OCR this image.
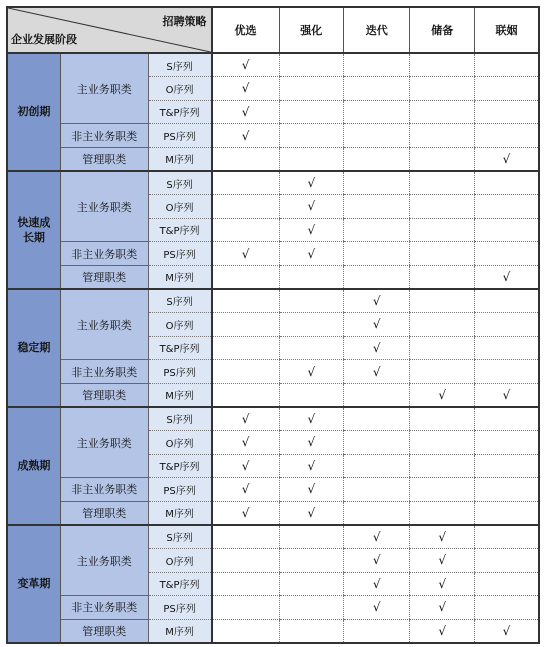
招聘策略
企业发展阶段			优选	强化	迭代	储备	联姻
初创期	主业务职类	S序列	√				
		O序列	√				
		T&P序列	√				
	非主业务职类	PS序列	√				
	管理职类	M序列					√
快速成长期	主业务职类	S序列		√			
		O序列		√			
		T&P序列		√			
	非主业务职类	PS序列	√	√			
	管理职类	M序列					√
稳定期	主业务职类	S序列			√		
		O序列			√		
		T&P序列			√		
	非主业务职类	PS序列		√	√		
	管理职类	M序列				√	√
成熟期	主业务职类	S序列	√	√			
		O序列	√	√			
		T&P序列	√	√			
	非主业务职类	PS序列	√	√			
	管理职类	M序列	√	√			
变革期	主业务职类	S序列			√	√	
		O序列			√	√	
		T&P序列			√	√	
	非主业务职类	PS序列			√	√	
	管理职类	M序列				√	√
